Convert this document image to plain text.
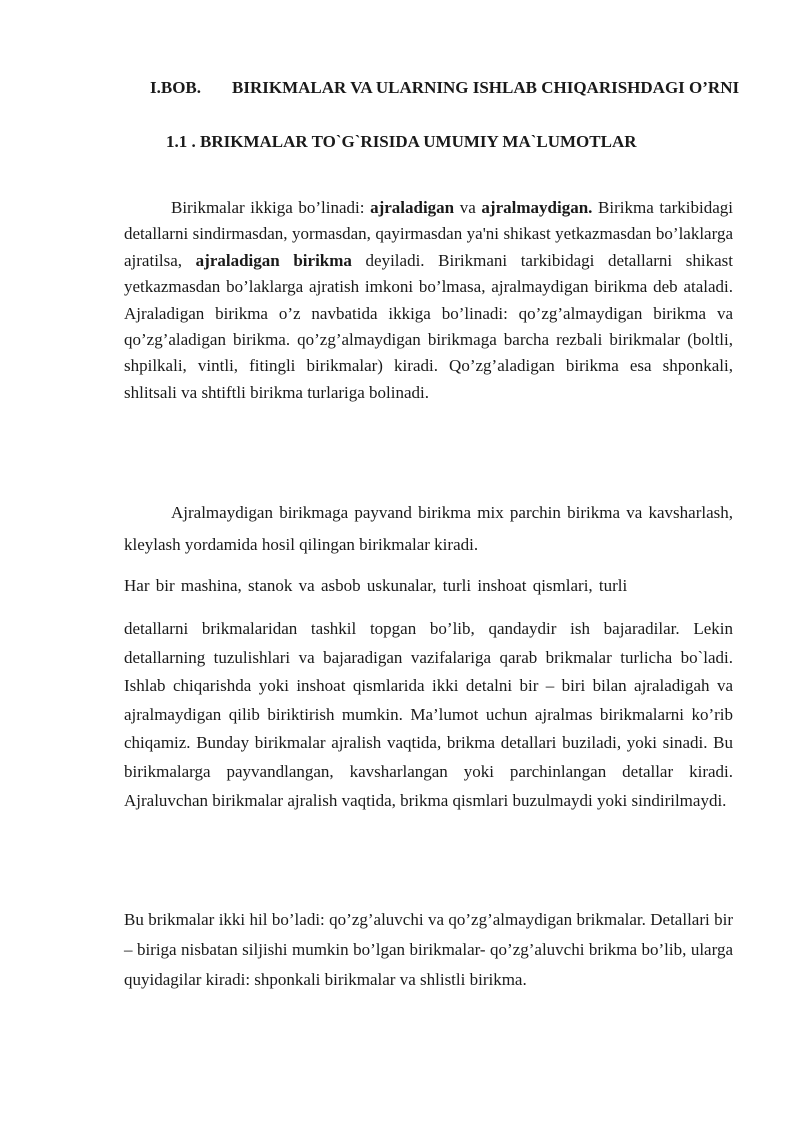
I.BOB. BIRIKMALAR VA ULARNING ISHLAB CHIQARISHDAGI O’RNI
1.1 . BRIKMALAR TO`G`RISIDA UMUMIY MA`LUMOTLAR
Birikmalar ikkiga bo’linadi: ajraladigan va ajralmaydigan. Birikma tarkibidagi detallarni sindirmasdan, yormasdan, qayirmasdan ya'ni shikast yetkazmasdan bo’laklarga ajratilsa, ajraladigan birikma deyiladi. Birikmani tarkibidagi detallarni shikast yetkazmasdan bo’laklarga ajratish imkoni bo’lmasa, ajralmaydigan birikma deb ataladi. Ajraladigan birikma o’z navbatida ikkiga bo’linadi: qo’zg’almaydigan birikma va qo’zg’aladigan birikma. qo’zg’almaydigan birikmaga barcha rezbali birikmalar (boltli, shpilkali, vintli, fitingli birikmalar) kiradi. Qo’zg’aladigan birikma esa shponkali, shlitsali va shtiftli birikma turlariga bolinadi.
Ajralmaydigan birikmaga payvand birikma mix parchin birikma va kavsharlash, kleylash yordamida hosil qilingan birikmalar kiradi.
Har bir mashina, stanok va asbob uskunalar, turli inshoat qismlari, turli
detallarni brikmalaridan tashkil topgan bo’lib, qandaydir ish bajaradilar. Lekin detallarning tuzulishlari va bajaradigan vazifalariga qarab brikmalar turlicha bo`ladi. Ishlab chiqarishda yoki inshoat qismlarida ikki detalni bir – biri bilan ajraladigah va ajralmaydigan qilib biriktirish mumkin. Ma’lumot uchun ajralmas birikmalarni ko’rib chiqamiz. Bunday birikmalar ajralish vaqtida, brikma detallari buziladi, yoki sinadi. Bu birikmalarga payvandlangan, kavsharlangan yoki parchinlangan detallar kiradi. Ajraluvchan birikmalar ajralish vaqtida, brikma qismlari buzulmaydi yoki sindirilmaydi.
Bu brikmalar ikki hil bo’ladi: qo’zg’aluvchi va qo’zg’almaydigan brikmalar. Detallari bir – biriga nisbatan siljishi mumkin bo’lgan birikmalar- qo’zg’aluvchi brikma bo’lib, ularga quyidagilar kiradi: shponkali birikmalar va shlistli birikma.
